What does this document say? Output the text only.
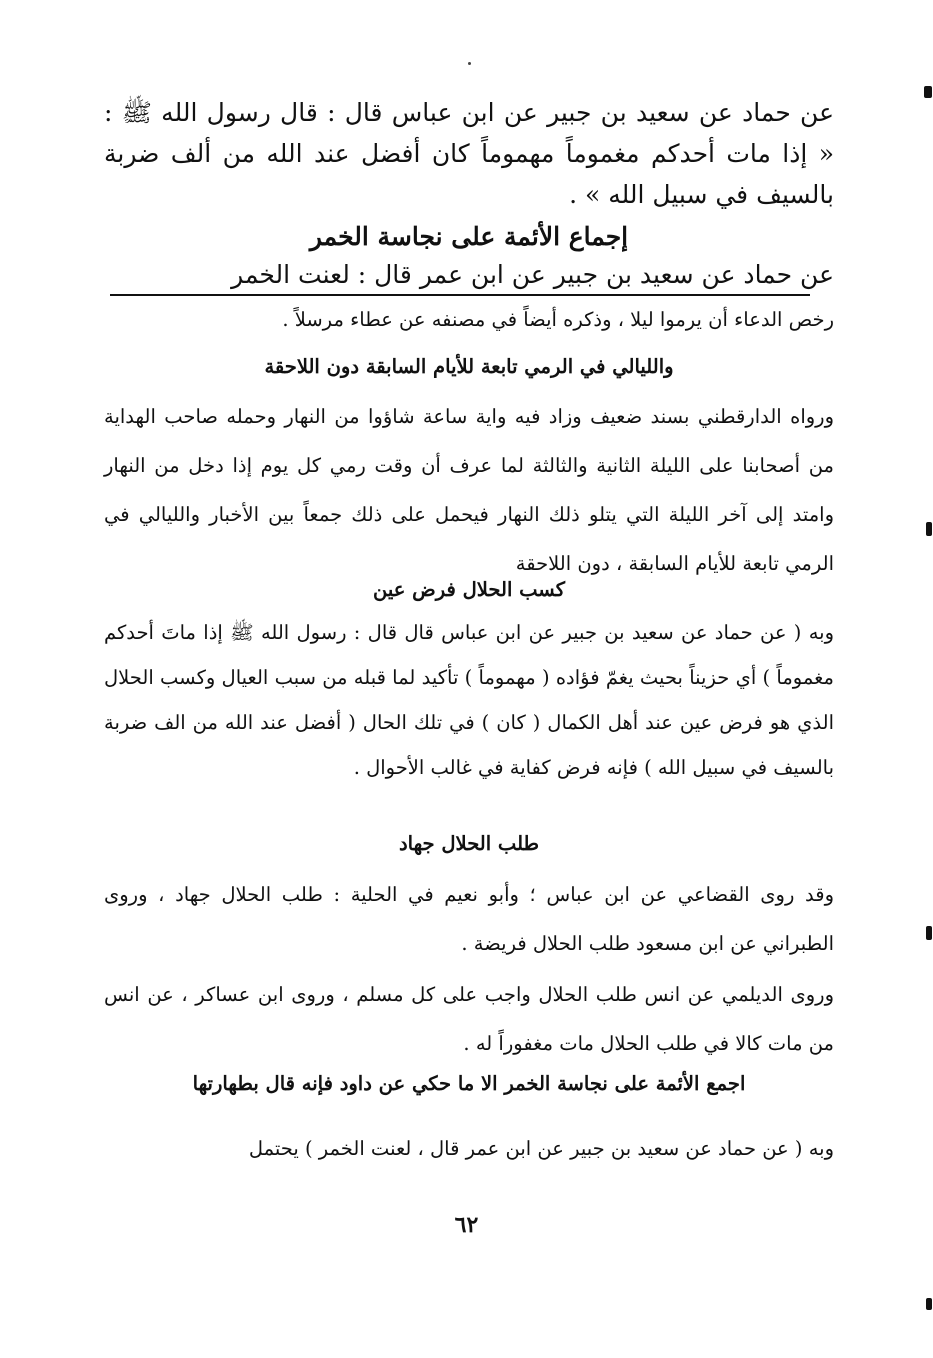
عن حماد عن سعيد بن جبير عن ابن عباس قال : قال رسول الله ﷺ : « إذا مات أحدكم مغموماً مهموماً كان أفضل عند الله من ألف ضربة بالسيف في سبيل الله » .

إجماع الأئمة على نجاسة الخمر

عن حماد عن سعيد بن جبير عن ابن عمر قال : لعنت الخمر

رخص الدعاء أن يرموا ليلا ، وذكره أيضاً في مصنفه عن عطاء مرسلاً .

والليالي في الرمي تابعة للأيام السابقة دون اللاحقة

ورواه الدارقطني بسند ضعيف وزاد فيه واية ساعة شاؤوا من النهار وحمله صاحب الهداية من أصحابنا على الليلة الثانية والثالثة لما عرف أن وقت رمي كل يوم إذا دخل من النهار وامتد إلى آخر الليلة التي يتلو ذلك النهار فيحمل على ذلك جمعاً بين الأخبار والليالي في الرمي تابعة للأيام السابقة ، دون اللاحقة

كسب الحلال فرض عين

وبه ( عن حماد عن سعيد بن جبير عن ابن عباس قال قال : رسول الله ﷺ إذا ماتَ أحدكم مغموماً ) أي حزيناً بحيث يغمّ فؤاده ( مهموماً ) تأكيد لما قبله من سبب العيال وكسب الحلال الذي هو فرض عين عند أهل الكمال ( كان ) في تلك الحال ( أفضل عند الله من الف ضربة بالسيف في سبيل الله ) فإنه فرض كفاية في غالب الأحوال .

طلب الحلال جهاد

وقد روى القضاعي عن ابن عباس ؛ وأبو نعيم في الحلية : طلب الحلال جهاد ، وروى الطبراني عن ابن مسعود طلب الحلال فريضة .

وروى الديلمي عن انس طلب الحلال واجب على كل مسلم ، وروى ابن عساكر ، عن انس من مات كالا في طلب الحلال مات مغفوراً له .

اجمع الأئمة على نجاسة الخمر الا ما حكي عن داود فإنه قال بطهارتها

وبه ( عن حماد عن سعيد بن جبير عن ابن عمر قال ، لعنت الخمر ) يحتمل

٦٢
